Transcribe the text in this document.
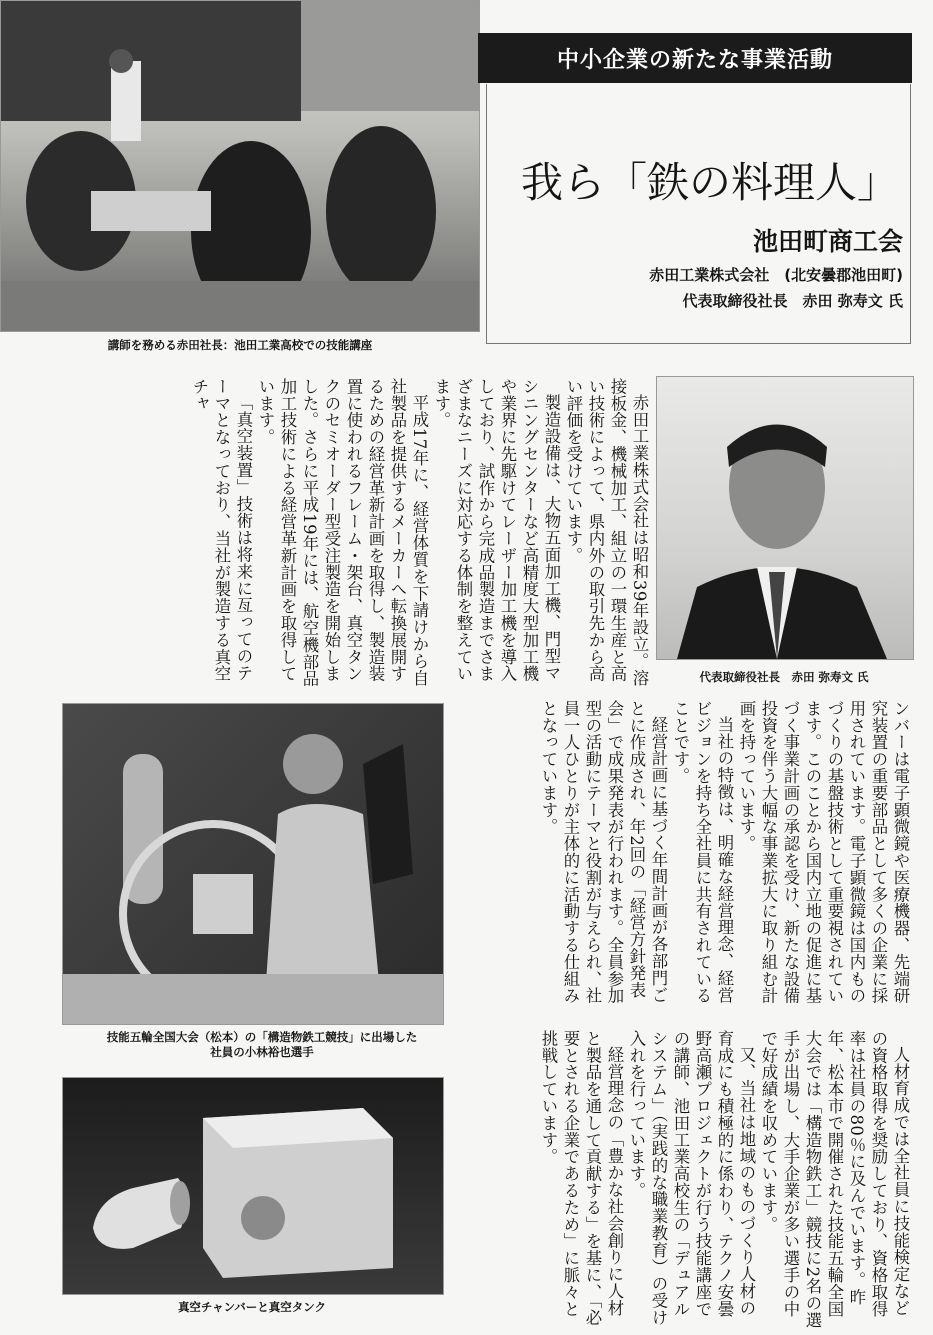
講師を務める赤田社長：池田工業高校での技能講座
中小企業の新たな事業活動
我ら「鉄の料理人」
池田町商工会
赤田工業株式会社　(北安曇郡池田町)
代表取締役社長　赤田 弥寿文 氏
代表取締役社長　赤田 弥寿文 氏
技能五輪全国大会（松本）の「構造物鉄工競技」に出場した
社員の小林裕也選手
真空チャンバーと真空タンク

赤田工業株式会社は昭和39年設立。溶接板金、機械加工、組立の一環生産と高い技術によって、県内外の取引先から高い評価を受けています。

製造設備は、大物五面加工機、門型マシニングセンターなど高精度大型加工機や業界に先駆けてレーザー加工機を導入しており、試作から完成品製造までさまざまなニーズに対応する体制を整えています。

平成17年に、経営体質を下請けから自社製品を提供するメーカーへ転換展開するための経営革新計画を取得し、製造装置に使われるフレーム・架台、真空タンクのセミオーダー型受注製造を開始しました。さらに平成19年には、航空機部品加工技術による経営革新計画を取得しています。

「真空装置」技術は将来に亙ってのテーマとなっており、当社が製造する真空チャ

ンバーは電子顕微鏡や医療機器、先端研究装置の重要部品として多くの企業に採用されています。電子顕微鏡は国内ものづくりの基盤技術として重要視されています。このことから国内立地の促進に基づく事業計画の承認を受け、新たな設備投資を伴う大幅な事業拡大に取り組む計画を持っています。

当社の特徴は、明確な経営理念、経営ビジョンを持ち全社員に共有されていることです。

経営計画に基づく年間計画が各部門ごとに作成され、年2回の「経営方針発表会」で成果発表が行われます。全員参加型の活動にテーマと役割が与えられ、社員一人ひとりが主体的に活動する仕組みとなっています。

人材育成では全社員に技能検定などの資格取得を奨励しており、資格取得率は社員の80％に及んでいます。昨年、松本市で開催された技能五輪全国大会では「構造物鉄工」競技に2名の選手が出場し、大手企業が多い選手の中で好成績を収めています。

又、当社は地域のものづくり人材の育成にも積極的に係わり、テクノ安曇野高瀬プロジェクトが行う技能講座での講師、池田工業高校生の「デュアルシステム」（実践的な職業教育）の受け入れを行っています。

経営理念の「豊かな社会創りに人材と製品を通して貢献する」を基に、「必要とされる企業であるため」に脈々と挑戦しています。
